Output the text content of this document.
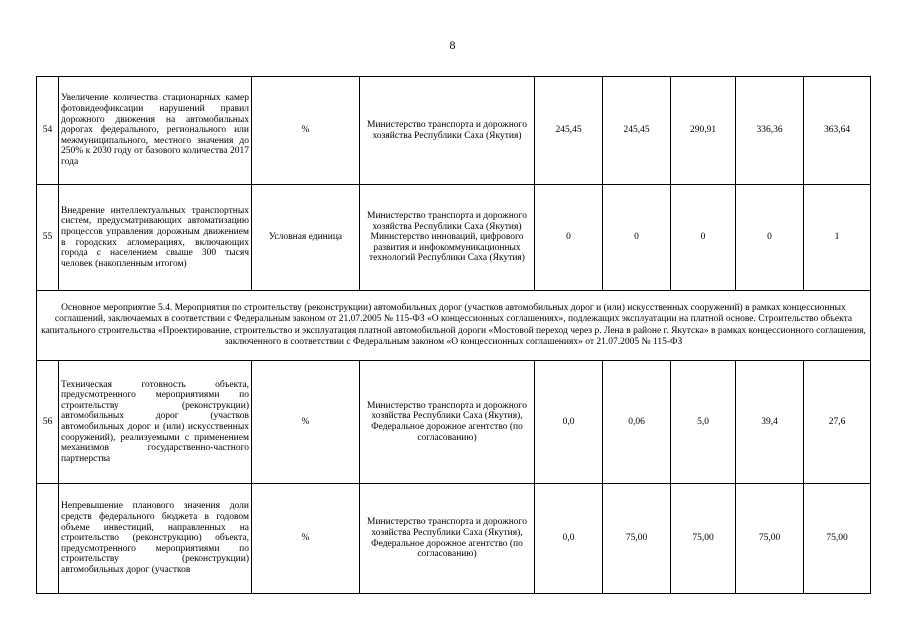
8
54	Увеличение количества стационарных камер фотовидеофиксации нарушений правил дорожного движения на автомобильных дорогах федерального, регионального или межмуниципального, местного значения до 250% к 2030 году от базового количества 2017 года	%	Министерство транспорта и дорожного хозяйства Республики Саха (Якутия)	245,45	245,45	290,91	336,36	363,64
55	Внедрение интеллектуальных транспортных систем, предусматривающих автоматизацию процессов управления дорожным движением в городских агломерациях, включающих города с населением свыше 300 тысяч человек (накопленным итогом)	Условная единица	Министерство транспорта и дорожного хозяйства Республики Саха (Якутия) Министерство инноваций, цифрового развития и инфокоммуникационных технологий Республики Саха (Якутия)	0	0	0	0	1
Основное мероприятие 5.4. Мероприятия по строительству (реконструкции) автомобильных дорог (участков автомобильных дорог и (или) искусственных сооружений) в рамках концессионных соглашений, заключаемых в соответствии с Федеральным законом от 21.07.2005 № 115-ФЗ «О концессионных соглашениях», подлежащих эксплуатации на платной основе. Строительство объекта капитального строительства «Проектирование, строительство и эксплуатация платной автомобильной дороги «Мостовой переход через р. Лена в районе г. Якутска» в рамках концессионного соглашения, заключенного в соответствии с Федеральным законом «О концессионных соглашениях» от 21.07.2005 № 115-ФЗ								
56	Техническая готовность объекта, предусмотренного мероприятиями по строительству (реконструкции) автомобильных дорог (участков автомобильных дорог и (или) искусственных сооружений), реализуемыми с применением механизмов государственно-частного партнерства	%	Министерство транспорта и дорожного хозяйства Республики Саха (Якутия), Федеральное дорожное агентство (по согласованию)	0,0	0,06	5,0	39,4	27,6
	Непревышение планового значения доли средств федерального бюджета в годовом объеме инвестиций, направленных на строительство (реконструкцию) объекта, предусмотренного мероприятиями по строительству (реконструкции) автомобильных дорог (участков	%	Министерство транспорта и дорожного хозяйства Республики Саха (Якутия), Федеральное дорожное агентство (по согласованию)	0,0	75,00	75,00	75,00	75,00
